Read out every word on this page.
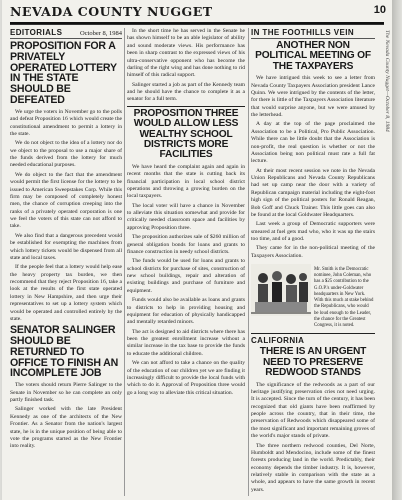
NEVADA COUNTY NUGGET	10
EDITORIALS	October 8, 1984
PROPOSITION FOR A PRIVATELY OPERATED LOTTERY IN THE STATE SHOULD BE DEFEATED

We urge the voters in November go to the polls and defeat Proposition 16 which would create the constitutional amendment to permit a lottery in the state.

We do not object to the idea of a lottery nor do we object to the proposal to use a major share of the funds derived from the lottery for much needed educational purposes.

We do object to the fact that the amendment would permit the first license for the lottery to be issued to American Sweepstakes Corp. While this firm may be composed of completely honest men, the chance of corruption creeping into the ranks of a privately operated corporation is one we feel the voters of this state can not afford to take.

We also find that a dangerous precedent would be established for exempting the machines from which lottery tickets would be dispensed from all state and local taxes.

If the people feel that a lottery would help ease the heavy property tax burden, we then recommend that they reject Proposition 16, take a look at the results of the first state operated lottery in New Hampshire, and then urge their representatives to set up a lottery system which would be operated and controlled entirely by the state.

SENATOR SALINGER SHOULD BE RETURNED TO OFFICE TO FINISH AN INCOMPLETE JOB

The voters should return Pierre Salinger to the Senate in November so he can complete an only partly finished task.

Salinger worked with the late President Kennedy as one of the architects of the New Frontier. As a Senator from the nation's largest state, he is in the unique position of being able to vote the programs started as the New Frontier into reality.

In the short time he has served in the Senate he has shown himself to be an able legislator of ability and sound moderate views. His performance has been in sharp contrast to the expressed views of his ultra-conservative opponent who has become the darling of the right wing and has done nothing to rid himself of this radical support.

Salinger started a job as part of the Kennedy team and he should have the chance to complete it as a senator for a full term.

PROPOSITION THREE WOULD ALLOW LESS WEALTHY SCHOOL DISTRICTS MORE FACILITIES

We have heard the complaint again and again in recent months that the state is cutting back its financial participation in local school district operations and throwing a growing burden on the local taxpayers.

The local voter will have a chance in November to alleviate this situation somewhat and provide for critically needed classroom space and facilities by approving Proposition three.

The proposition authorizes sale of $260 million of general obligation bonds for loans and grants to finance construction in needy school districts.

The funds would be used for loans and grants to school districts for purchase of sites, construction of new school buildings, repair and alteration of existing buildings and purchase of furniture and equipment.

Funds would also be available as loans and grants to districts to help in providing housing and equipment for education of physically handicapped and mentally retarded minors.

The act is designed to aid districts where there has been the greatest enrollment increase without a similar increase in the tax base to provide the funds to educate the additional children.

We can not afford to take a chance on the quality of the education of our children yet we are finding it increasingly difficult to provide the local funds with which to do it. Approval of Proposition three would go a long way to alleviate this critical situation.

IN THE FOOTHILLS VEIN
ANOTHER NON POLITICAL MEETING OF THE TAXPAYERS

We have intrigued this week to see a letter from Nevada County Taxpayers Association president Lance Quinn. We were intrigued by the contents of the letter, for there is little of the Taxpayers Association literature that would surprise anyone, but we were amused by the letterhead.

A day at the top of the page proclaimed the Association to be a Political, Pro Public Association. While there can be little doubt that the Association is non-profit, the real question is whether or not the Association being non political must rate a full fat lecture.

At their most recent session we note in the Nevada Union Republicans and Nevada County Republicans had set up camp near the door with a variety of Republican campaign material including the eight-foot high sign of the political posters for Ronald Reagan, Bob Goff and Chuck Trainer. This little goes can also be found at the local Goldwater Headquarters.

Last week a group of Democratic supporters were smeared at fuel gets mad who, who it was up the stairs too time, and of a good.

They came for in the non-political meeting of the Taxpayers Association.

Mr. Smith is the Democratic nominee, John Coleman, who has a $25 contribution to the G.O.P.'s under-Goldwater headquarters in New York. With this much at stake behind the Republicans, who would be loud enough to the Leader, the chance for the Greatest Congress, it is noted.

CALIFORNIA
THERE IS AN URGENT NEED TO PRESERVE REDWOOD STANDS

The significance of the redwoods as a part of our heritage justifying preservation cries not need urging. It is accepted. Since the turn of the century, it has been recognized that old giants have been reaffirmed by people across the country, that in their time, the preservation of Redwoods which disappeared some of the most significant and important remaining groves of the world's major stands of private.

The three northern redwood counties, Del Norte, Humboldt and Mendocino, include some of the finest forests producing land in the world. Predictably, their economy depends the timber industry. It is, however, relatively stable in comparison with the state as a whole, and appears to have the same growth in recent years.

The Nevada County Nugget—October 8, 1984
